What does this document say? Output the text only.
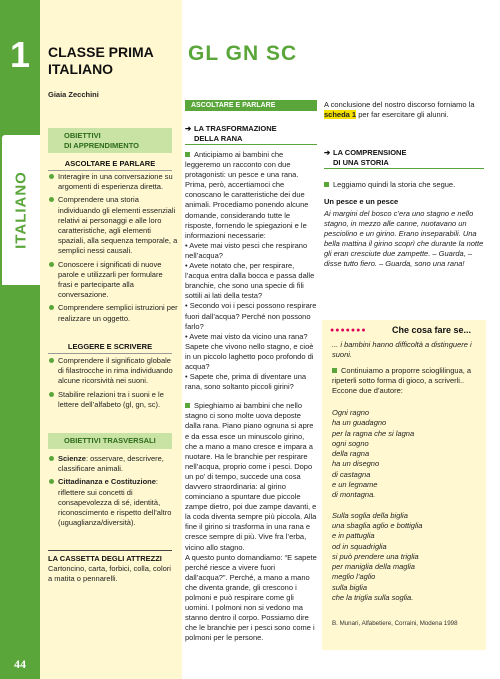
1
ITALIANO
44
CLASSE PRIMA
ITALIANO
Giaia Zecchini
OBIETTIVI
DI APPRENDIMENTO
ASCOLTARE E PARLARE
Interagire in una conversazione su argomenti di esperienza diretta.
Comprendere una storia individuando gli elementi essenziali relativi ai personaggi e alle loro caratteristiche, agli elementi spaziali, alla sequenza temporale, a semplici nessi causali.
Conoscere i significati di nuove parole e utilizzarli per formulare frasi e parteciparte alla conversazione.
Comprendere semplici istruzioni per realizzare un oggetto.
LEGGERE E SCRIVERE
Comprendere il significato globale di filastrocche in rima individuando alcune ricorsività nei suoni.
Stabilire relazioni tra i suoni e le lettere dell’alfabeto (gl, gn, sc).
OBIETTIVI TRASVERSALI
Scienze: osservare, descrivere, classificare animali.
Cittadinanza e Costituzione: riflettere sui concetti di consapevolezza di sé, identità, riconoscimento e rispetto dell’altro (uguaglianza/diversità).
LA CASSETTA DEGLI ATTREZZI
Cartoncino, carta, forbici, colla, colori a matita o pennarelli.
GL GN SC
ASCOLTARE E PARLARE
➔ LA TRASFORMAZIONE
DELLA RANA

Anticipiamo ai bambini che leggeremo un racconto con due protagonisti: un pesce e una rana. Prima, però, accertiamoci che conoscano le caratteristiche dei due animali. Procediamo ponendo alcune domande, considerando tutte le risposte, fornendo le spiegazioni e le informazioni necessarie:

• Avete mai visto pesci che respirano nell’acqua?

• Avete notato che, per respirare, l’acqua entra dalla bocca e passa dalle branchie, che sono una specie di fili sottili ai lati della testa?

• Secondo voi i pesci possono respirare fuori dall’acqua? Perché non possono farlo?

• Avete mai visto da vicino una rana? Sapete che vivono nello stagno, e cioè in un piccolo laghetto poco profondo di acqua?

• Sapete che, prima di diventare una rana, sono soltanto piccoli girini?

Spieghiamo ai bambini che nello stagno ci sono molte uova deposte dalla rana. Piano piano ognuna si apre e da essa esce un minuscolo girino, che a mano a mano cresce e impara a nuotare. Ha le branchie per respirare nell’acqua, proprio come i pesci. Dopo un po’ di tempo, succede una cosa davvero straordinaria: al girino cominciano a spuntare due piccole zampe dietro, poi due zampe davanti, e la coda diventa sempre più piccola. Alla fine il girino si trasforma in una rana e cresce sempre di più. Vive fra l’erba, vicino allo stagno.

A questo punto domandiamo: “E sapete perché riesce a vivere fuori dall’acqua?”. Perché, a mano a mano che diventa grande, gli crescono i polmoni e può respirare come gli uomini. I polmoni non si vedono ma stanno dentro il corpo. Possiamo dire che le branchie per i pesci sono come i polmoni per le persone.

A conclusione del nostro discorso forniamo la scheda 1 per far esercitare gli alunni.
➔ LA COMPRENSIONE
DI UNA STORIA
Leggiamo quindi la storia che segue.
Un pesce e un pesce
Ai margini del bosco c’era uno stagno e nello stagno, in mezzo alle canne, nuotavano un pesciolino e un girino. Erano inseparabili. Una bella mattina il girino scoprì che durante la notte gli eran cresciute due zampette. – Guarda, – disse tutto fiero. – Guarda, sono una rana!
●●●●●●●	Che cosa fare se...
... i bambini hanno difficoltà a distinguere i suoni.
Continuiamo a proporre scioglilingua, a ripeterli sotto forma di gioco, a scriverli.. Eccone due d’autore:
Ogni ragno
ha un guadagno
per la ragna che si lagna
ogni sogno
della ragna
ha un disegno
di castagna
e un legname
di montagna.
Sulla soglia della biglia
una sbaglia aglio e bottiglia
e in pattuglia
od in squadriglia
si può prendere una triglia
per maniglia della maglia
meglio l’aglio
sulla biglia
che la triglia sulla soglia.
B. Munari, Alfabetiere, Corraini, Modena 1998
